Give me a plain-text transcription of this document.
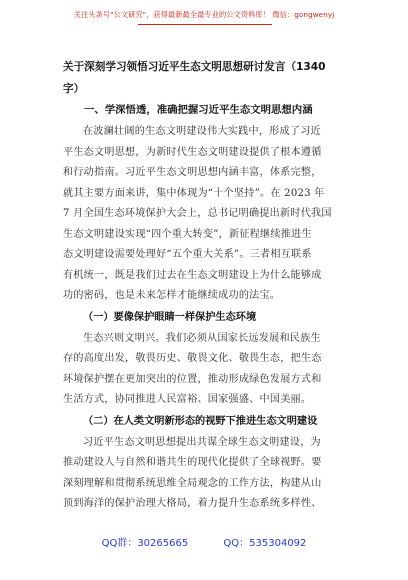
关注头条号"公文研究"，获得最新最全最专业的公文资料库！ 微信：gongwenyj
关于深刻学习领悟习近平生态文明思想研讨发言（1340
字）
一、学深悟透，准确把握习近平生态文明思想内涵
在波澜壮阔的生态文明建设伟大实践中，形成了习近
平生态文明思想，为新时代生态文明建设提供了根本遵循
和行动指南。习近平生态文明思想内涵丰富，体系完整，
就其主要方面来讲，集中体现为“十个坚持”。在 2023 年
7 月全国生态环境保护大会上，总书记明确提出新时代我国
生态文明建设实现“四个重大转变”，新征程继续推进生
态文明建设需要处理好“五个重大关系”。三者相互联系
有机统一，既是我们过去在生态文明建设上为什么能够成
功的密码，也是未来怎样才能继续成功的法宝。
（一）要像保护眼睛一样保护生态环境
生态兴则文明兴。我们必须从国家长远发展和民族生
存的高度出发，敬畏历史、敬畏文化、敬畏生态，把生态
环境保护摆在更加突出的位置，推动形成绿色发展方式和
生活方式，协同推进人民富裕、国家强盛、中国美丽。
（二）在人类文明新形态的视野下推进生态文明建设
习近平生态文明思想提出共谋全球生态文明建设，为
推动建设人与自然和谐共生的现代化提供了全球视野。要
深刻理解和贯彻系统思维全局观念的工作方法，构建从山
顶到海洋的保护治理大格局，着力提升生态系统多样性、
QQ群：30265665	QQ：535304092
